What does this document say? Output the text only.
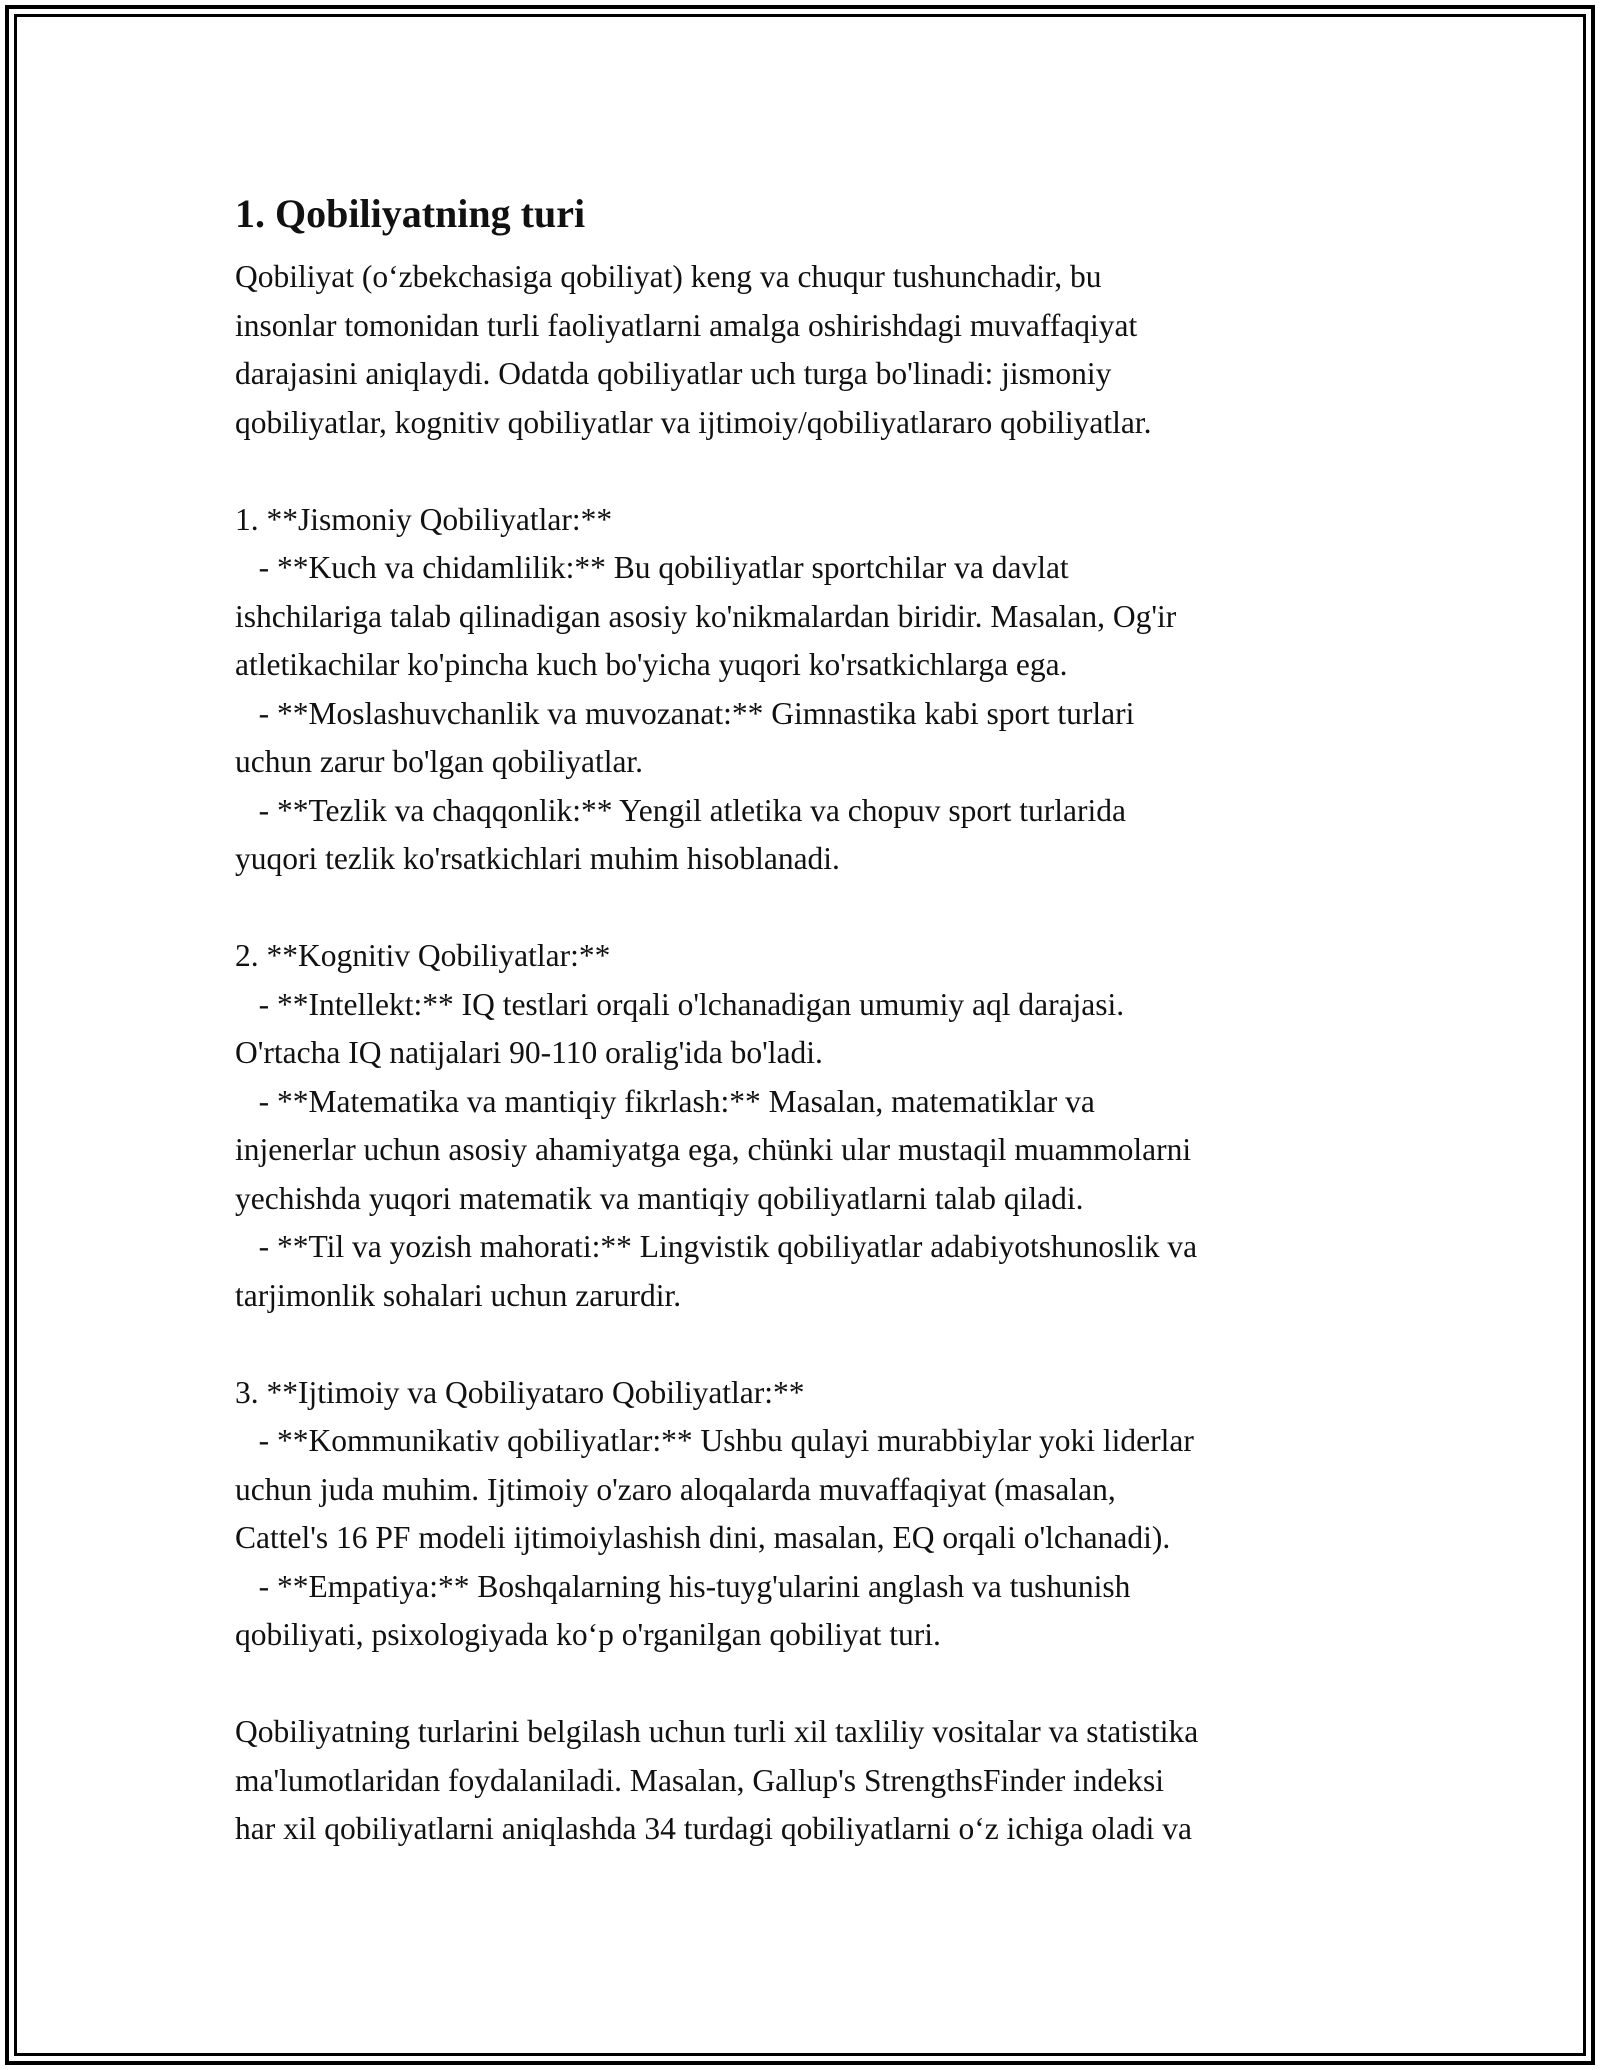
1. Qobiliyatning turi

Qobiliyat (o‘zbekchasiga qobiliyat) keng va chuqur tushunchadir, bu
insonlar tomonidan turli faoliyatlarni amalga oshirishdagi muvaffaqiyat
darajasini aniqlaydi. Odatda qobiliyatlar uch turga bo'linadi: jismoniy
qobiliyatlar, kognitiv qobiliyatlar va ijtimoiy/qobiliyatlararo qobiliyatlar.

1. **Jismoniy Qobiliyatlar:**
- **Kuch va chidamlilik:** Bu qobiliyatlar sportchilar va davlat
ishchilariga talab qilinadigan asosiy ko'nikmalardan biridir. Masalan, Og'ir
atletikachilar ko'pincha kuch bo'yicha yuqori ko'rsatkichlarga ega.
- **Moslashuvchanlik va muvozanat:** Gimnastika kabi sport turlari
uchun zarur bo'lgan qobiliyatlar.
- **Tezlik va chaqqonlik:** Yengil atletika va chopuv sport turlarida
yuqori tezlik ko'rsatkichlari muhim hisoblanadi.

2. **Kognitiv Qobiliyatlar:**
- **Intellekt:** IQ testlari orqali o'lchanadigan umumiy aql darajasi.
O'rtacha IQ natijalari 90-110 oralig'ida bo'ladi.
- **Matematika va mantiqiy fikrlash:** Masalan, matematiklar va
injenerlar uchun asosiy ahamiyatga ega, chünki ular mustaqil muammolarni
yechishda yuqori matematik va mantiqiy qobiliyatlarni talab qiladi.
- **Til va yozish mahorati:** Lingvistik qobiliyatlar adabiyotshunoslik va
tarjimonlik sohalari uchun zarurdir.

3. **Ijtimoiy va Qobiliyataro Qobiliyatlar:**
- **Kommunikativ qobiliyatlar:** Ushbu qulayi murabbiylar yoki liderlar
uchun juda muhim. Ijtimoiy o'zaro aloqalarda muvaffaqiyat (masalan,
Cattel's 16 PF modeli ijtimoiylashish dini, masalan, EQ orqali o'lchanadi).
- **Empatiya:** Boshqalarning his-tuyg'ularini anglash va tushunish
qobiliyati, psixologiyada ko‘p o'rganilgan qobiliyat turi.

Qobiliyatning turlarini belgilash uchun turli xil taxliliy vositalar va statistika
ma'lumotlaridan foydalaniladi. Masalan, Gallup's StrengthsFinder indeksi
har xil qobiliyatlarni aniqlashda 34 turdagi qobiliyatlarni o‘z ichiga oladi va
